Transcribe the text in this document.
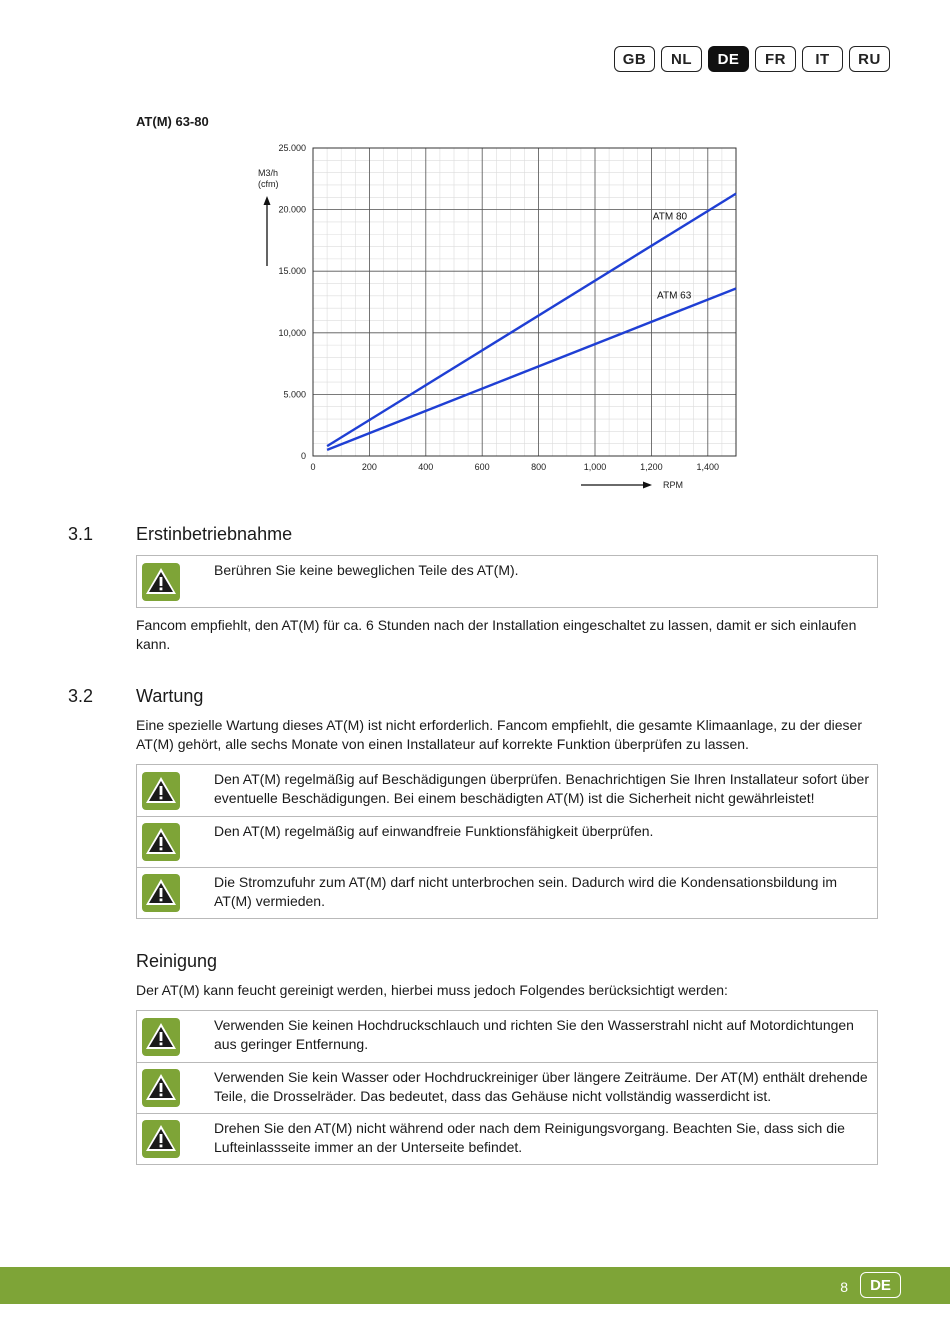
GB	NL	DE	FR	IT	RU
AT(M) 63-80
0	200	400	600	800	1,000	1,200	1,400
0
5.000
10,000
15.000
20.000
25.000
M3/h
(cfm)
RPM
ATM 80
ATM 63
3.1 Erstinbetriebnahme
Berühren Sie keine beweglichen Teile des AT(M).
Fancom empfiehlt, den AT(M) für ca. 6 Stunden nach der Installation eingeschaltet zu lassen, damit er sich einlaufen kann.
3.2 Wartung
Eine spezielle Wartung dieses AT(M) ist nicht erforderlich. Fancom empfiehlt, die gesamte Klimaanlage, zu der dieser AT(M) gehört, alle sechs Monate von einen Installateur auf korrekte Funktion überprüfen zu lassen.
Den AT(M) regelmäßig auf Beschädigungen überprüfen. Benachrichtigen Sie Ihren Installateur sofort über eventuelle Beschädigungen. Bei einem beschädigten AT(M) ist die Sicherheit nicht gewährleistet!
Den AT(M) regelmäßig auf einwandfreie Funktionsfähigkeit überprüfen.
Die Stromzufuhr zum AT(M) darf nicht unterbrochen sein. Dadurch wird die Kondensationsbildung im AT(M) vermieden.
Reinigung
Der AT(M) kann feucht gereinigt werden, hierbei muss jedoch Folgendes berücksichtigt werden:
Verwenden Sie keinen Hochdruckschlauch und richten Sie den Wasserstrahl nicht auf Motordichtungen aus geringer Entfernung.
Verwenden Sie kein Wasser oder Hochdruckreiniger über längere Zeiträume. Der AT(M) enthält drehende Teile, die Drosselräder. Das bedeutet, dass das Gehäuse nicht vollständig wasserdicht ist.
Drehen Sie den AT(M) nicht während oder nach dem Reinigungsvorgang. Beachten Sie, dass sich die Lufteinlassseite immer an der Unterseite befindet.
8	DE
